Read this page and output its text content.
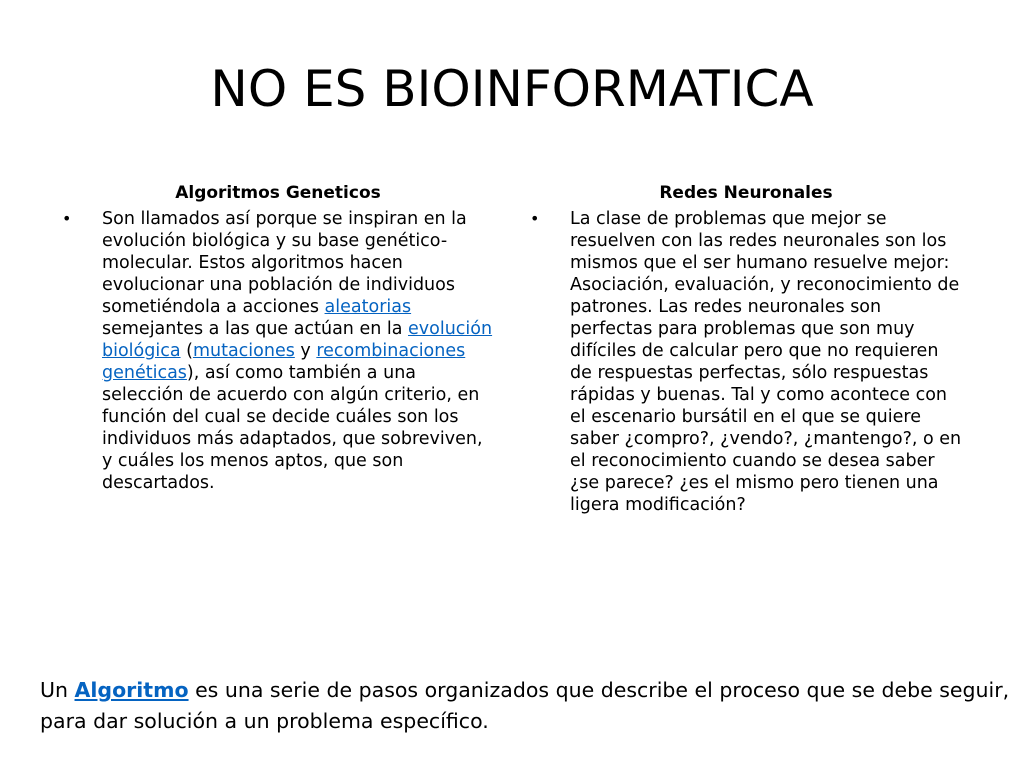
NO ES BIOINFORMATICA
Algoritmos Geneticos
•	Son llamados así porque se inspiran en la evolución biológica y su base genético-molecular. Estos algoritmos hacen evolucionar una población de individuos sometiéndola a acciones aleatorias semejantes a las que actúan en la evolución biológica (mutaciones y recombinaciones genéticas), así como también a una selección de acuerdo con algún criterio, en función del cual se decide cuáles son los individuos más adaptados, que sobreviven, y cuáles los menos aptos, que son descartados.

Redes Neuronales
•	La clase de problemas que mejor se resuelven con las redes neuronales son los mismos que el ser humano resuelve mejor: Asociación, evaluación, y reconocimiento de patrones. Las redes neuronales son perfectas para problemas que son muy difíciles de calcular pero que no requieren de respuestas perfectas, sólo respuestas rápidas y buenas. Tal y como acontece con el escenario bursátil en el que se quiere saber ¿compro?, ¿vendo?, ¿mantengo?, o en el reconocimiento cuando se desea saber ¿se parece? ¿es el mismo pero tienen una ligera modificación?

Un Algoritmo es una serie de pasos organizados que describe el proceso que se debe seguir, para dar solución a un problema específico.
